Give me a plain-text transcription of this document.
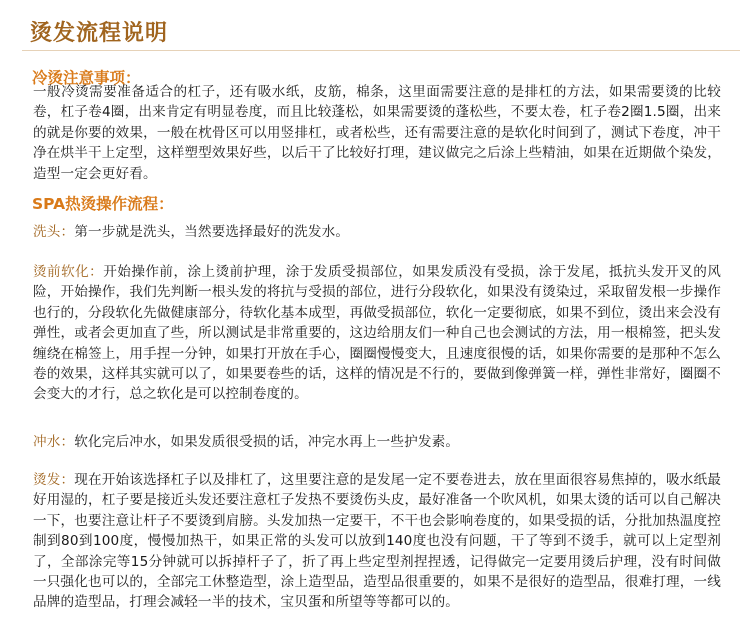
烫发流程说明
冷烫注意事项：
一般冷烫需要准备适合的杠子，还有吸水纸，皮筋，棉条，这里面需要注意的是排杠的方法，如果需要烫的比较卷，杠子卷4圈，出来肯定有明显卷度，而且比较蓬松，如果需要烫的蓬松些，不要太卷，杠子卷2圈1.5圈，出来的就是你要的效果，一般在枕骨区可以用竖排杠，或者松些，还有需要注意的是软化时间到了，测试下卷度，冲干净在烘半干上定型，这样塑型效果好些，以后干了比较好打理，建议做完之后涂上些精油，如果在近期做个染发，造型一定会更好看。
SPA热烫操作流程：
洗头：第一步就是洗头，当然要选择最好的洗发水。
烫前软化：开始操作前，涂上烫前护理，涂于发质受损部位，如果发质没有受损，涂于发尾，抵抗头发开叉的风险，开始操作，我们先判断一根头发的将抗与受损的部位，进行分段软化，如果没有烫染过，采取留发根一步操作也行的，分段软化先做健康部分，待软化基本成型，再做受损部位，软化一定要彻底，如果不到位，烫出来会没有弹性，或者会更加直了些，所以测试是非常重要的，这边给朋友们一种自己也会测试的方法，用一根棉签，把头发缠绕在棉签上，用手捏一分钟，如果打开放在手心，圈圈慢慢变大，且速度很慢的话，如果你需要的是那种不怎么卷的效果，这样其实就可以了，如果要卷些的话，这样的情况是不行的，要做到像弹簧一样，弹性非常好，圈圈不会变大的才行，总之软化是可以控制卷度的。
冲水：软化完后冲水，如果发质很受损的话，冲完水再上一些护发素。
烫发：现在开始该选择杠子以及排杠了，这里要注意的是发尾一定不要卷进去，放在里面很容易焦掉的，吸水纸最好用湿的，杠子要是接近头发还要注意杠子发热不要烫伤头皮，最好准备一个吹风机，如果太烫的话可以自己解决一下，也要注意让杆子不要烫到肩膀。头发加热一定要干，不干也会影响卷度的，如果受损的话，分批加热温度控制到80到100度，慢慢加热干，如果正常的头发可以放到140度也没有问题，干了等到不烫手，就可以上定型剂了，全部涂完等15分钟就可以拆掉杆子了，折了再上些定型剂捏捏透，记得做完一定要用烫后护理，没有时间做一只强化也可以的，全部完工休整造型，涂上造型品，造型品很重要的，如果不是很好的造型品，很难打理，一线品牌的造型品，打理会减轻一半的技术，宝贝蛋和所望等等都可以的。
